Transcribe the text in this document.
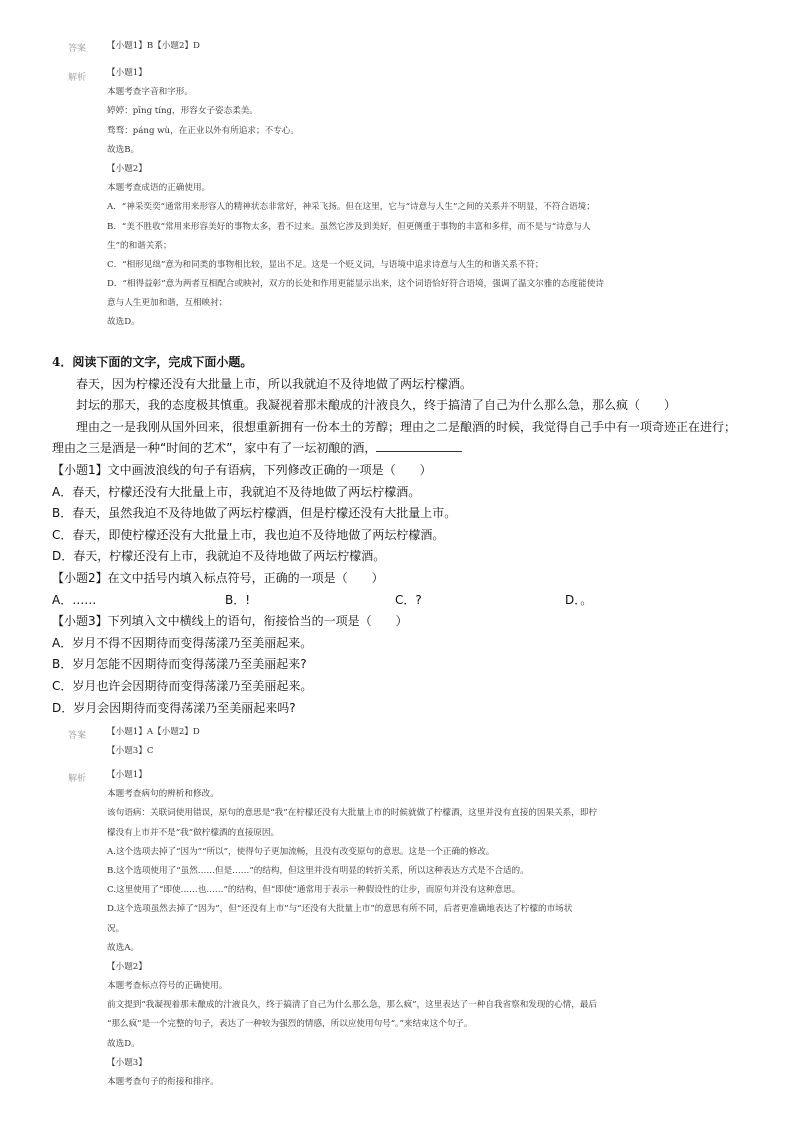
答案 【小题1】B【小题2】D
解析 【小题1】
本题考查字音和字形。
婷婷：pīng tíng，形容女子姿态柔美。
骛骛：páng wù，在正业以外有所追求；不专心。
故选B。
【小题2】
本题考查成语的正确使用。
A．“神采奕奕”通常用来形容人的精神状态非常好，神采飞扬。但在这里，它与“诗意与人生”之间的关系并不明显，不符合语境；
B．“美不胜收”常用来形容美好的事物太多，看不过来。虽然它涉及到美好，但更侧重于事物的丰富和多样，而不是与“诗意与人
生”的和谐关系；
C．“相形见绌”意为和同类的事物相比较，显出不足。这是一个贬义词，与语境中追求诗意与人生的和谐关系不符；
D．“相得益彰”意为两者互相配合或映衬，双方的长处和作用更能显示出来，这个词语恰好符合语境，强调了温文尔雅的态度能使诗
意与人生更加和谐，互相映衬；
故选D。
4．阅读下面的文字，完成下面小题。
春天，因为柠檬还没有大批量上市，所以我就迫不及待地做了两坛柠檬酒。
封坛的那天，我的态度极其慎重。我凝视着那未酿成的汁液良久，终于搞清了自己为什么那么急，那么疯（　　）
理由之一是我刚从国外回来，很想重新拥有一份本土的芳醇；理由之二是酿酒的时候，我觉得自己手中有一项奇迹正在进行；
理由之三是酒是一种“时间的艺术”，家中有了一坛初酿的酒，
【小题1】文中画波浪线的句子有语病，下列修改正确的一项是（　　）
A．春天，柠檬还没有大批量上市，我就迫不及待地做了两坛柠檬酒。
B．春天，虽然我迫不及待地做了两坛柠檬酒，但是柠檬还没有大批量上市。
C．春天，即使柠檬还没有大批量上市，我也迫不及待地做了两坛柠檬酒。
D．春天，柠檬还没有上市，我就迫不及待地做了两坛柠檬酒。
【小题2】在文中括号内填入标点符号，正确的一项是（　　）
A．……	B．!	C．?	D．。
【小题3】下列填入文中横线上的语句，衔接恰当的一项是（　　）
A．岁月不得不因期待而变得荡漾乃至美丽起来。
B．岁月怎能不因期待而变得荡漾乃至美丽起来?
C．岁月也许会因期待而变得荡漾乃至美丽起来。
D．岁月会因期待而变得荡漾乃至美丽起来吗?
答案 【小题1】A【小题2】D
【小题3】C
解析 【小题1】
本题考查病句的辨析和修改。
该句语病：关联词使用错误，原句的意思是“我”在柠檬还没有大批量上市的时候就做了柠檬酒，这里并没有直接的因果关系，即柠
檬没有上市并不是“我”做柠檬酒的直接原因。
A.这个选项去掉了“因为”“所以”，使得句子更加流畅，且没有改变原句的意思。这是一个正确的修改。
B.这个选项使用了“虽然……但是……”的结构，但这里并没有明显的转折关系，所以这种表达方式是不合适的。
C.这里使用了“即使……也……”的结构，但“即使”通常用于表示一种假设性的让步，而原句并没有这种意思。
D.这个选项虽然去掉了“因为”，但“还没有上市”与“还没有大批量上市”的意思有所不同，后者更准确地表达了柠檬的市场状
况。
故选A。
【小题2】
本题考查标点符号的正确使用。
前文提到“我凝视着那未酿成的汁液良久，终于搞清了自己为什么那么急，那么疯”，这里表达了一种自我省察和发现的心情，最后
“那么疯”是一个完整的句子，表达了一种较为强烈的情感，所以应使用句号“。”来结束这个句子。
故选D。
【小题3】
本题考查句子的衔接和排序。
